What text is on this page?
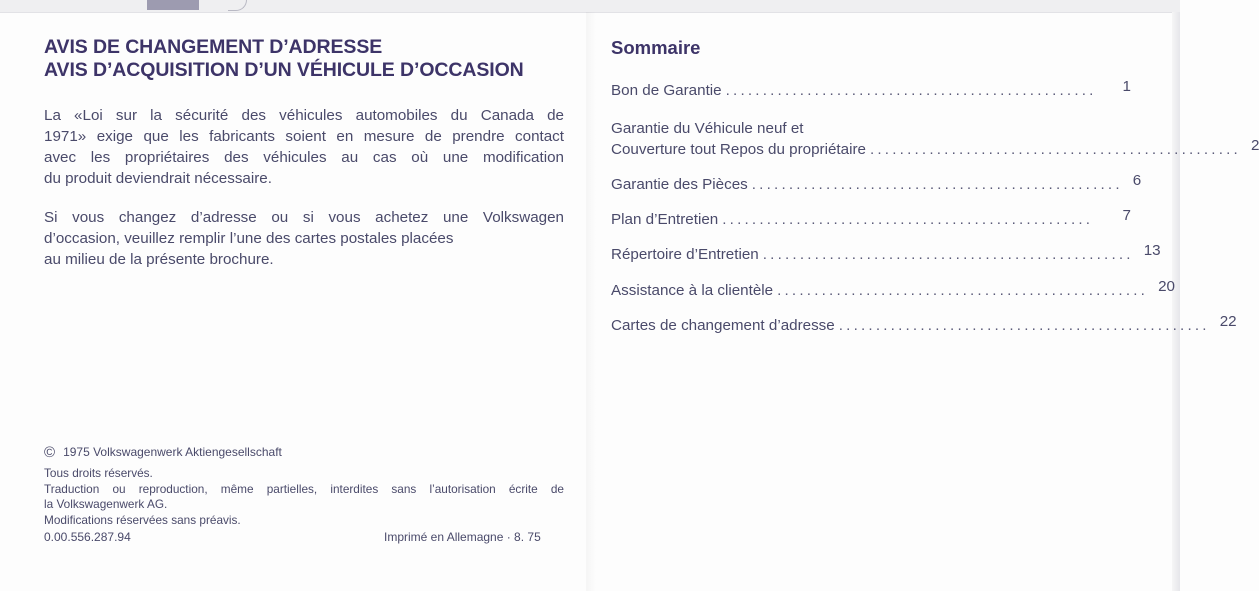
AVIS DE CHANGEMENT D’ADRESSE
AVIS D’ACQUISITION D’UN VÉHICULE D’OCCASION
La «Loi sur la sécurité des véhicules automobiles du Canada de
1971» exige que les fabricants soient en mesure de prendre contact
avec les propriétaires des véhicules au cas où une modification
du produit deviendrait nécessaire.
Si vous changez d’adresse ou si vous achetez une Volkswagen
d’occasion, veuillez remplir l’une des cartes postales placées
au milieu de la présente brochure.
© 1975 Volkswagenwerk Aktiengesellschaft
Tous droits réservés.
Traduction ou reproduction, même partielles, interdites sans l’autorisation écrite de
la Volkswagenwerk AG.
Modifications réservées sans préavis.
0.00.556.287.94	Imprimé en Allemagne · 8. 75
Sommaire
Bon de Garantie ..................................................	1
Garantie du Véhicule neuf et
Couverture tout Repos du propriétaire .................................................. 2
Garantie des Pièces .................................................. 6
Plan d’Entretien ..................................................	7
Répertoire d’Entretien .................................................. 13
Assistance à la clientèle .................................................. 20
Cartes de changement d’adresse .................................................. 22
